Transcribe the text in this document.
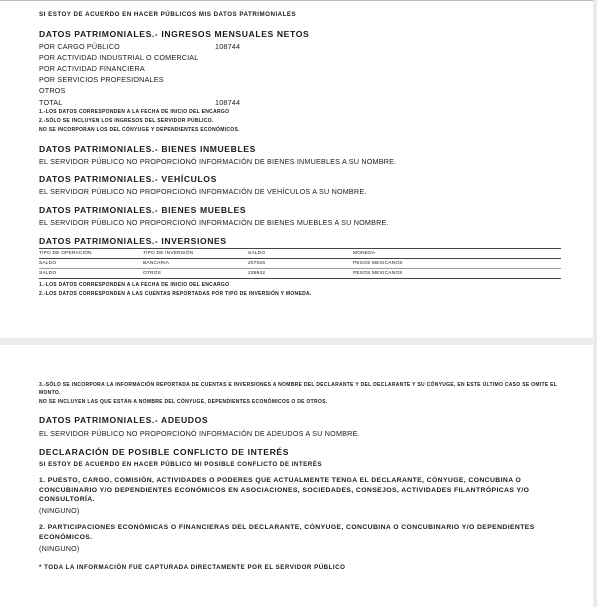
SI ESTOY DE ACUERDO EN HACER PÚBLICOS MIS DATOS PATRIMONIALES
DATOS PATRIMONIALES.- INGRESOS MENSUALES NETOS
POR CARGO PÚBLICO	108744
POR ACTIVIDAD INDUSTRIAL O COMERCIAL
POR ACTIVIDAD FINANCIERA
POR SERVICIOS PROFESIONALES
OTROS
TOTAL	108744
1.-LOS DATOS CORRESPONDEN A LA FECHA DE INICIO DEL ENCARGO
2.-SÓLO SE INCLUYEN LOS INGRESOS DEL SERVIDOR PÚBLICO.
NO SE INCORPORAN LOS DEL CÓNYUGE Y DEPENDIENTES ECONÓMICOS.
DATOS PATRIMONIALES.- BIENES INMUEBLES
EL SERVIDOR PÚBLICO NO PROPORCIONÓ INFORMACIÓN DE BIENES INMUEBLES A SU NOMBRE.
DATOS PATRIMONIALES.- VEHÍCULOS
EL SERVIDOR PÚBLICO NO PROPORCIONÓ INFORMACIÓN DE VEHÍCULOS A SU NOMBRE.
DATOS PATRIMONIALES.- BIENES MUEBLES
EL SERVIDOR PÚBLICO NO PROPORCIONÓ INFORMACIÓN DE BIENES MUEBLES A SU NOMBRE.
DATOS PATRIMONIALES.- INVERSIONES
TIPO DE OPERACIÓN	TIPO DE INVERSIÓN	SALDO	MONEDA
SALDO	BANCARIA	207026	PESOS MEXICANOS
SALDO	OTROS	239942	PESOS MEXICANOS
1.-LOS DATOS CORRESPONDEN A LA FECHA DE INICIO DEL ENCARGO
2.-LOS DATOS CORRESPONDEN A LAS CUENTAS REPORTADAS POR TIPO DE INVERSIÓN Y MONEDA.
3.-SÓLO SE INCORPORA LA INFORMACIÓN REPORTADA DE CUENTAS E INVERSIONES A NOMBRE DEL DECLARANTE Y DEL DECLARANTE Y SU CÓNYUGE, EN ESTE ÚLTIMO CASO SE OMITE EL
MONTO.
NO SE INCLUYEN LAS QUE ESTÁN A NOMBRE DEL CÓNYUGE, DEPENDIENTES ECONÓMICOS O DE OTROS.
DATOS PATRIMONIALES.- ADEUDOS
EL SERVIDOR PÚBLICO NO PROPORCIONÓ INFORMACIÓN DE ADEUDOS A SU NOMBRE.
DECLARACIÓN DE POSIBLE CONFLICTO DE INTERÉS
SI ESTOY DE ACUERDO EN HACER PÚBLICO MI POSIBLE CONFLICTO DE INTERÉS
1. PUESTO, CARGO, COMISIÓN, ACTIVIDADES O PODERES QUE ACTUALMENTE TENGA EL DECLARANTE, CÓNYUGE, CONCUBINA O
CONCUBINARIO Y/O DEPENDIENTES ECONÓMICOS EN ASOCIACIONES, SOCIEDADES, CONSEJOS, ACTIVIDADES FILANTRÓPICAS Y/O
CONSULTORÍA.
(NINGUNO)
2. PARTICIPACIONES ECONÓMICAS O FINANCIERAS DEL DECLARANTE, CÓNYUGE, CONCUBINA O CONCUBINARIO Y/O DEPENDIENTES
ECONÓMICOS.
(NINGUNO)
* TODA LA INFORMACIÓN FUE CAPTURADA DIRECTAMENTE POR EL SERVIDOR PÚBLICO
